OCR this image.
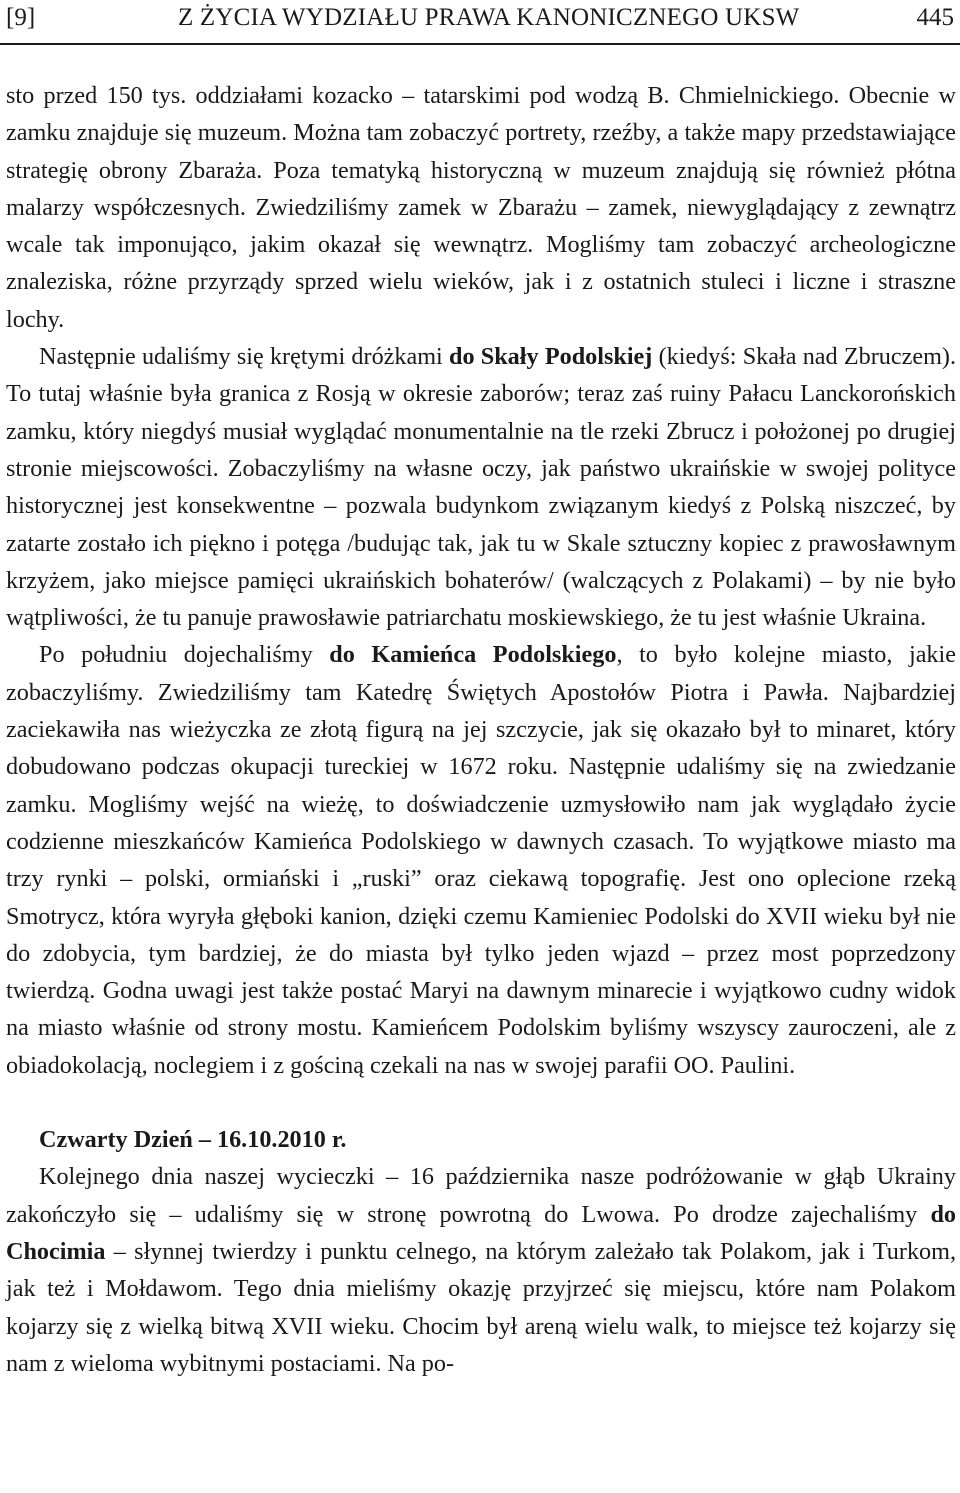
[9]	Z ŻYCIA WYDZIAŁU PRAWA KANONICZNEGO UKSW	445

sto przed 150 tys. oddziałami kozacko – tatarskimi pod wodzą B. Chmielnickiego. Obecnie w zamku znajduje się muzeum. Można tam zobaczyć portrety, rzeźby, a także mapy przedstawiające strategię obrony Zbaraża. Poza tematyką historyczną w muzeum znajdują się również płótna malarzy współczesnych. Zwiedziliśmy zamek w Zbarażu – zamek, niewyglądający z zewnątrz wcale tak imponująco, jakim okazał się wewnątrz. Mogliśmy tam zobaczyć archeologiczne znaleziska, różne przyrządy sprzed wielu wieków, jak i z ostatnich stuleci i liczne i straszne lochy.

Następnie udaliśmy się krętymi dróżkami do Skały Podolskiej (kiedyś: Skała nad Zbruczem). To tutaj właśnie była granica z Rosją w okresie zaborów; teraz zaś ruiny Pałacu Lanckorońskich zamku, który niegdyś musiał wyglądać monumentalnie na tle rzeki Zbrucz i położonej po drugiej stronie miejscowości. Zobaczyliśmy na własne oczy, jak państwo ukraińskie w swojej polityce historycznej jest konsekwentne – pozwala budynkom związanym kiedyś z Polską niszczeć, by zatarte zostało ich piękno i potęga /budując tak, jak tu w Skale sztuczny kopiec z prawosławnym krzyżem, jako miejsce pamięci ukraińskich bohaterów/ (walczących z Polakami) – by nie było wątpliwości, że tu panuje prawosławie patriarchatu moskiewskiego, że tu jest właśnie Ukraina.

Po południu dojechaliśmy do Kamieńca Podolskiego, to było kolejne miasto, jakie zobaczyliśmy. Zwiedziliśmy tam Katedrę Świętych Apostołów Piotra i Pawła. Najbardziej zaciekawiła nas wieżyczka ze złotą figurą na jej szczycie, jak się okazało był to minaret, który dobudowano podczas okupacji tureckiej w 1672 roku. Następnie udaliśmy się na zwiedzanie zamku. Mogliśmy wejść na wieżę, to doświadczenie uzmysłowiło nam jak wyglądało życie codzienne mieszkańców Kamieńca Podolskiego w dawnych czasach. To wyjątkowe miasto ma trzy rynki – polski, ormiański i „ruski” oraz ciekawą topografię. Jest ono oplecione rzeką Smotrycz, która wyryła głęboki kanion, dzięki czemu Kamieniec Podolski do XVII wieku był nie do zdobycia, tym bardziej, że do miasta był tylko jeden wjazd – przez most poprzedzony twierdzą. Godna uwagi jest także postać Maryi na dawnym minarecie i wyjątkowo cudny widok na miasto właśnie od strony mostu. Kamieńcem Podolskim byliśmy wszyscy zauroczeni, ale z obiadokolacją, noclegiem i z gościną czekali na nas w swojej parafii OO. Paulini.

Czwarty Dzień – 16.10.2010 r.

Kolejnego dnia naszej wycieczki – 16 października nasze podróżowanie w głąb Ukrainy zakończyło się – udaliśmy się w stronę powrotną do Lwowa. Po drodze zajechaliśmy do Chocimia – słynnej twierdzy i punktu celnego, na którym zależało tak Polakom, jak i Turkom, jak też i Mołdawom. Tego dnia mieliśmy okazję przyjrzeć się miejscu, które nam Polakom kojarzy się z wielką bitwą XVII wieku. Chocim był areną wielu walk, to miejsce też kojarzy się nam z wieloma wybitnymi postaciami. Na po-
